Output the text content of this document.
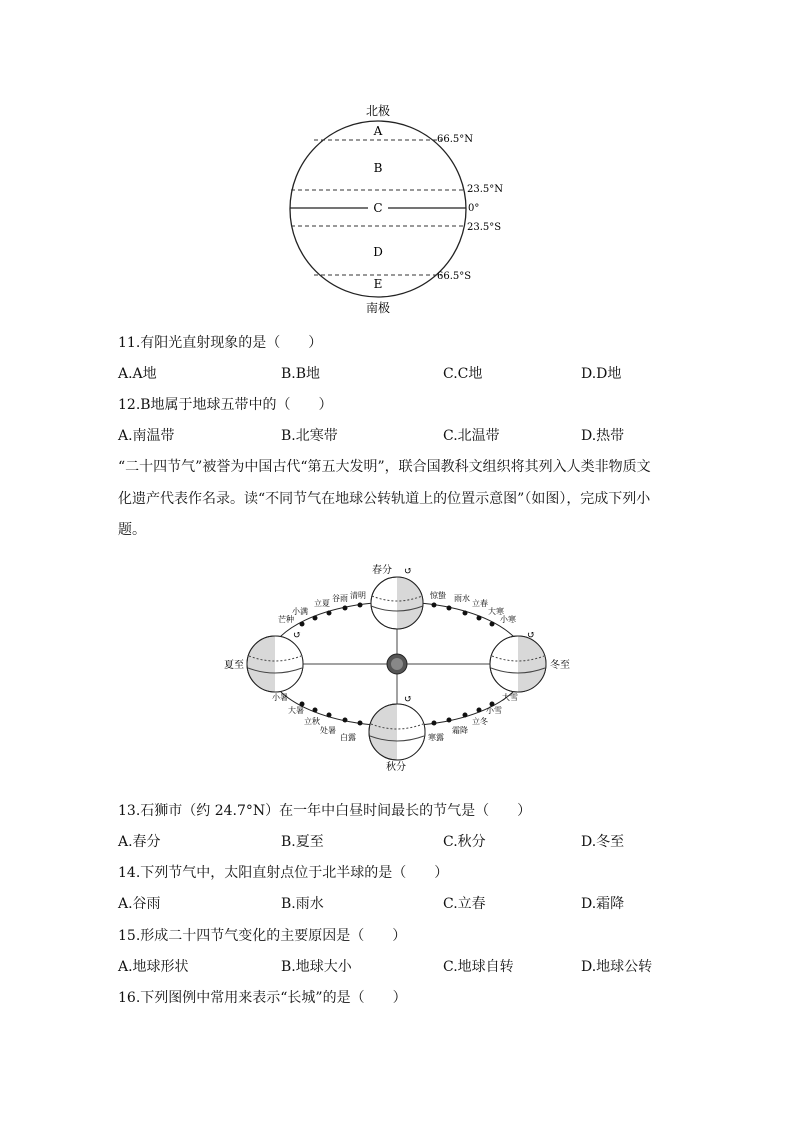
北极
A
B
C
D
E
66.5°N
23.5°N
0°
23.5°S
66.5°S
南极
11.有阳光直射现象的是（　　）
A.A地	B.B地	C.C地	D.D地
12.B地属于地球五带中的（　　）
A.南温带	B.北寒带	C.北温带	D.热带
“二十四节气”被誉为中国古代“第五大发明”，联合国教科文组织将其列入人类非物质文
化遗产代表作名录。读“不同节气在地球公转轨道上的位置示意图”（如图），完成下列小
题。
↺
↺	↺
↺
春分
夏至	冬至
秋分
清明
谷雨
立夏
小满
芒种
惊蛰 雨水
立春
大寒
小寒
小暑
大暑
立秋
处暑
白露
大雪
小雪
立冬
霜降
寒露
13.石狮市（约 24.7°N）在一年中白昼时间最长的节气是（　　）
A.春分	B.夏至	C.秋分	D.冬至
14.下列节气中，太阳直射点位于北半球的是（　　）
A.谷雨	B.雨水	C.立春	D.霜降
15.形成二十四节气变化的主要原因是（　　）
A.地球形状	B.地球大小	C.地球自转	D.地球公转
16.下列图例中常用来表示“长城”的是（　　）
